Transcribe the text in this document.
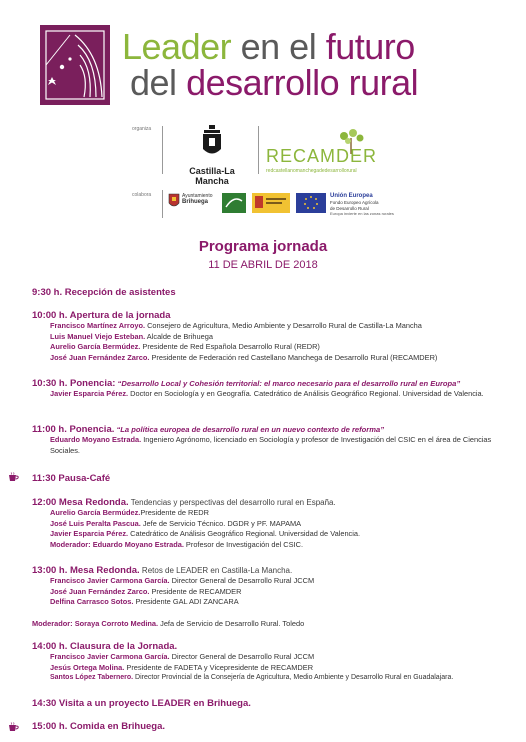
Leader en el futuro
del desarrollo rural
organiza
Castilla-La Mancha
RECAMDER
redcastellanomanchegadedesarrollorural
colabora	Ayuntamiento
Brihuega
Unión Europea
Fondo Europeo Agrícola
de Desarrollo Rural
Europa invierte en las zonas rurales
Programa jornada
11 DE ABRIL DE 2018
9:30 h. Recepción de asistentes
10:00 h. Apertura de la jornada
Francisco Martínez Arroyo. Consejero de Agricultura, Medio Ambiente y Desarrollo Rural de Castilla-La Mancha
Luis Manuel Viejo Esteban. Alcalde de Brihuega
Aurelio García Bermúdez. Presidente de Red Española Desarrollo Rural (REDR)
José Juan Fernández Zarco. Presidente de Federación red Castellano Manchega de Desarrollo Rural (RECAMDER)
10:30 h. Ponencia: “Desarrollo Local y Cohesión territorial: el marco necesario para el desarrollo rural en Europa”
Javier Esparcia Pérez. Doctor en Sociología y en Geografía. Catedrático de Análisis Geográfico Regional. Universidad de Valencia.
11:00 h. Ponencia. “La política europea de desarrollo rural en un nuevo contexto de reforma”
Eduardo Moyano Estrada. Ingeniero Agrónomo, licenciado en Sociología y profesor de Investigación del CSIC en el área de Ciencias Sociales.
11:30 Pausa-Café
12:00 Mesa Redonda. Tendencias y perspectivas del desarrollo rural en España.
Aurelio García Bermúdez.Presidente de REDR
José Luis Peralta Pascua. Jefe de Servicio Técnico. DGDR y PF. MAPAMA
Javier Esparcia Pérez. Catedrático de Análisis Geográfico Regional. Universidad de Valencia.
Moderador: Eduardo Moyano Estrada. Profesor de Investigación del CSIC.
13:00 h. Mesa Redonda. Retos de LEADER en Castilla-La Mancha.
Francisco Javier Carmona García. Director General de Desarrollo Rural JCCM
José Juan Fernández Zarco. Presidente de RECAMDER
Delfina Carrasco Sotos. Presidente GAL ADI ZANCARA
Moderador: Soraya Corroto Medina. Jefa de Servicio de Desarrollo Rural. Toledo
14:00 h. Clausura de la Jornada.
Francisco Javier Carmona García. Director General de Desarrollo Rural JCCM
Jesús Ortega Molina. Presidente de FADETA y Vicepresidente de RECAMDER
Santos López Tabernero. Director Provincial de la Consejería de Agricultura, Medio Ambiente y Desarrollo Rural en Guadalajara.
14:30 Visita a un proyecto LEADER en Brihuega.
15:00 h. Comida en Brihuega.
